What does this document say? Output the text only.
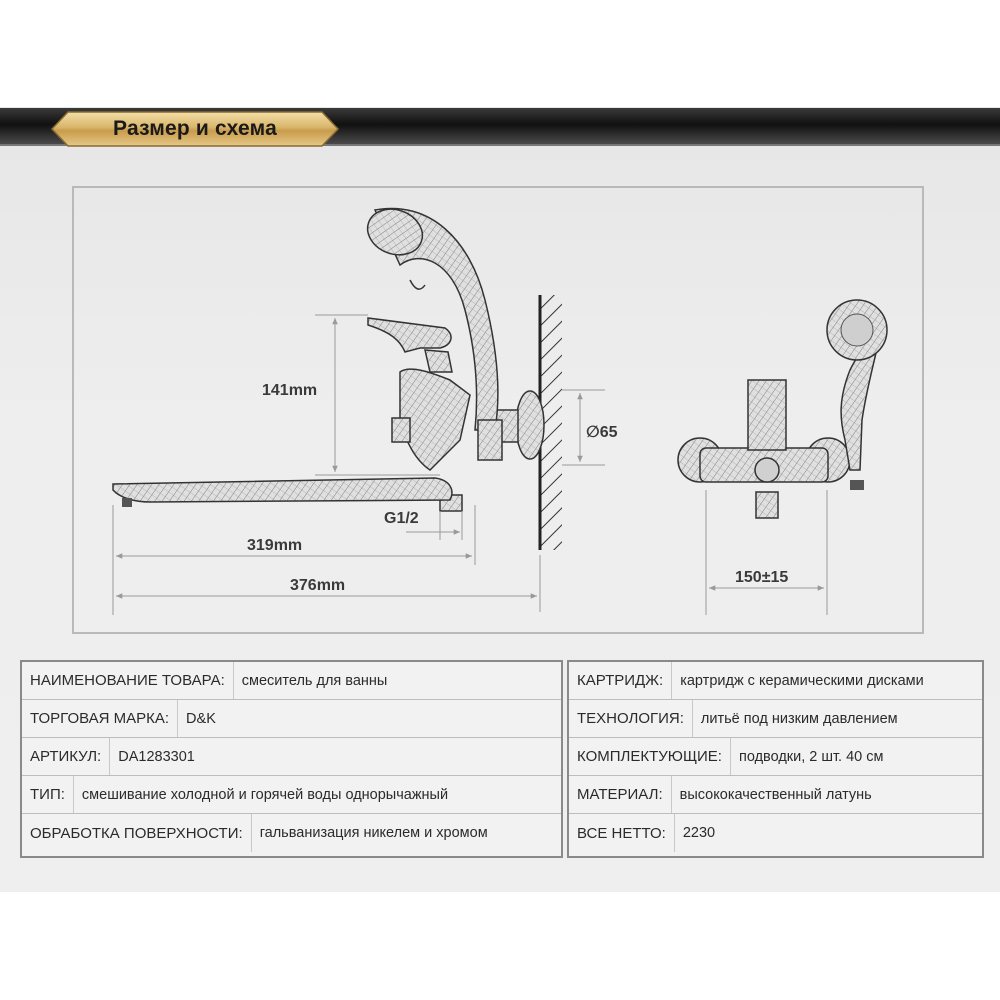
Размер и схема
141mm
G1/2
319mm
376mm
∅65
150±15
НАИМЕНОВАНИЕ ТОВАРА:	смеситель для ванны
ТОРГОВАЯ МАРКА:	D&K
АРТИКУЛ:	DA1283301
ТИП:	смешивание холодной и горячей воды однорычажный
ОБРАБОТКА ПОВЕРХНОСТИ:	гальванизация никелем и хромом
КАРТРИДЖ:	картридж с керамическими дисками
ТЕХНОЛОГИЯ:	литьё под низким давлением
КОМПЛЕКТУЮЩИЕ:	подводки, 2 шт. 40 см
МАТЕРИАЛ:	высококачественный латунь
ВСЕ НЕТТО:	2230
